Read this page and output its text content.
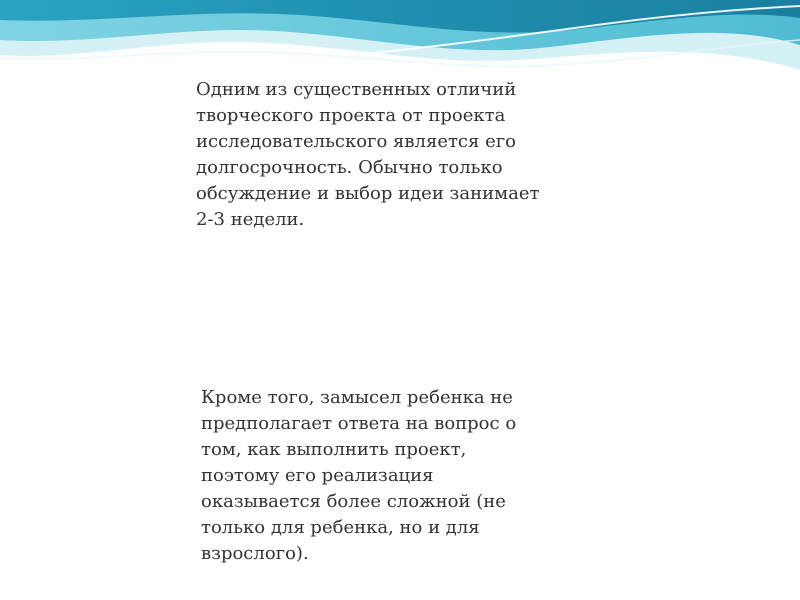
Одним из существенных отличий
творческого проекта от проекта
исследовательского является его
долгосрочность. Обычно только
обсуждение и выбор идеи занимает
2-3 недели.

Кроме того, замысел ребенка не
предполагает ответа на вопрос о
том, как выполнить проект,
поэтому его реализация
оказывается более сложной (не
только для ребенка, но и для
взрослого).
